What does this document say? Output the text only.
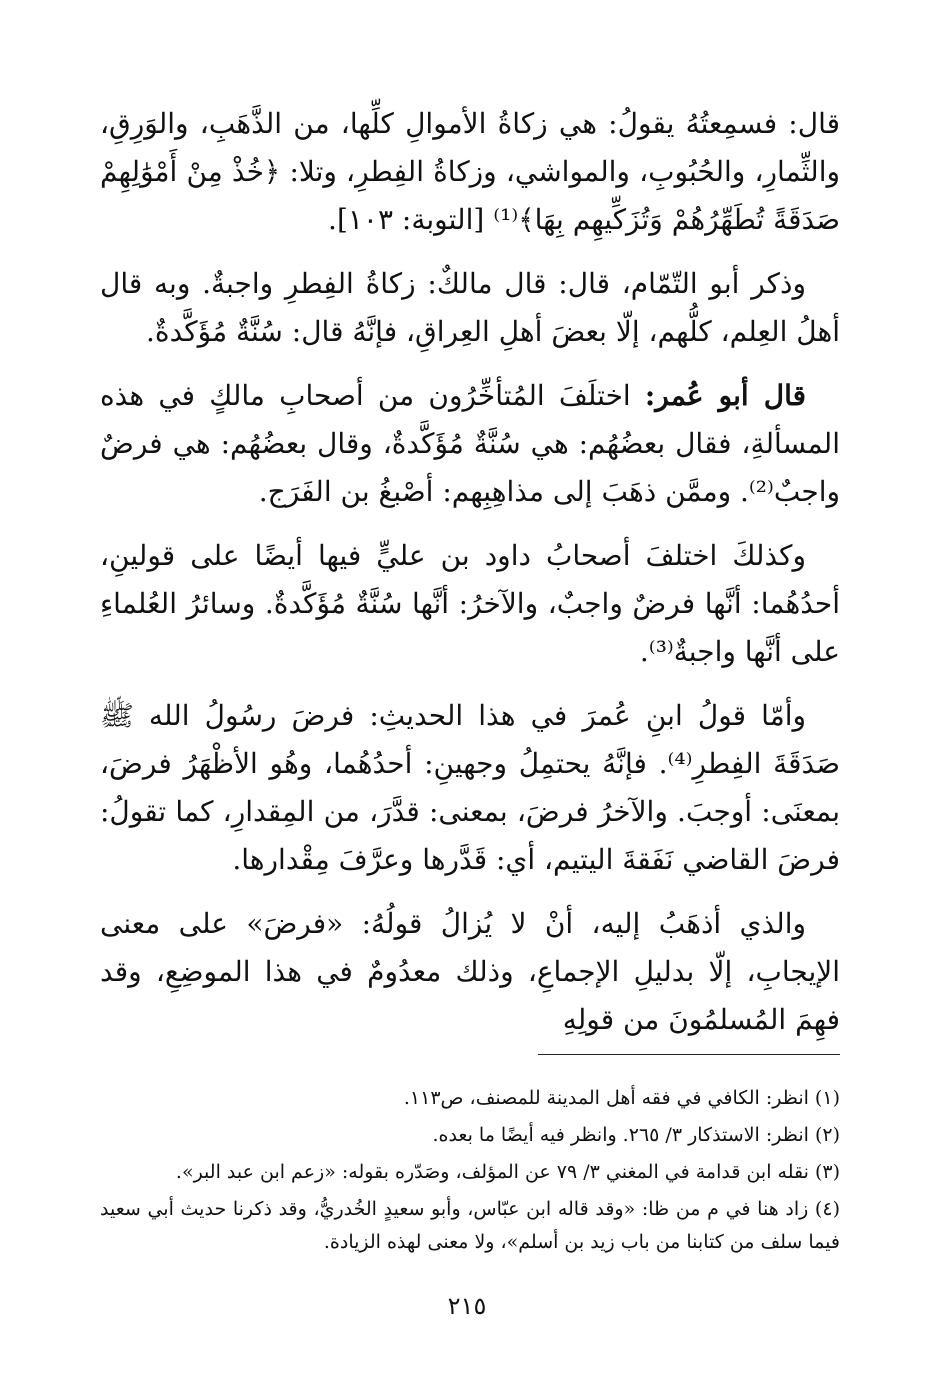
قال: فسمِعتُهُ يقولُ: هي زكاةُ الأموالِ كلِّها، من الذَّهَبِ، والوَرِقِ، والثِّمارِ، والحُبُوبِ، والمواشي، وزكاةُ الفِطرِ، وتلا: ﴿خُذْ مِنْ أَمْوَٰلِهِمْ صَدَقَةً تُطَهِّرُهُمْ وَتُزَكِّيهِم بِهَا﴾⁽¹⁾ [التوبة: ١٠٣].

وذكر أبو التّمّام، قال: قال مالكٌ: زكاةُ الفِطرِ واجبةٌ. وبه قال أهلُ العِلم، كلُّهم، إلّا بعضَ أهلِ العِراقِ، فإنَّهُ قال: سُنَّةٌ مُؤَكَّدةٌ.

قال أبو عُمر: اختلَفَ المُتأخِّرُون من أصحابِ مالكٍ في هذه المسألةِ، فقال بعضُهُم: هي سُنَّةٌ مُؤَكَّدةٌ، وقال بعضُهُم: هي فرضٌ واجبٌ⁽²⁾. وممَّن ذهَبَ إلى مذاهِبِهم: أصْبغُ بن الفَرَج.

وكذلكَ اختلفَ أصحابُ داود بن عليٍّ فيها أيضًا على قولينِ، أحدُهُما: أنَّها فرضٌ واجبٌ، والآخرُ: أنَّها سُنَّةٌ مُؤَكَّدةٌ. وسائرُ العُلماءِ على أنَّها واجبةٌ⁽³⁾.

وأمّا قولُ ابنِ عُمرَ في هذا الحديثِ: فرضَ رسُولُ الله ﷺ صَدَقَةَ الفِطرِ⁽⁴⁾. فإنَّهُ يحتمِلُ وجهينِ: أحدُهُما، وهُو الأظْهَرُ فرضَ، بمعنَى: أوجبَ. والآخرُ فرضَ، بمعنى: قدَّرَ، من المِقدارِ، كما تقولُ: فرضَ القاضي نَفَقةَ اليتيم، أي: قَدَّرها وعرَّفَ مِقْدارها.

والذي أذهَبُ إليه، أنْ لا يُزالُ قولُهُ: «فرضَ» على معنى الإيجابِ، إلّا بدليلِ الإجماعِ، وذلك معدُومٌ في هذا الموضِعِ، وقد فهِمَ المُسلمُونَ من قولِهِ

(١) انظر: الكافي في فقه أهل المدينة للمصنف، ص١١٣.

(٢) انظر: الاستذكار ٣/ ٢٦٥. وانظر فيه أيضًا ما بعده.

(٣) نقله ابن قدامة في المغني ٣/ ٧٩ عن المؤلف، وصَدّره بقوله: «زعم ابن عبد البر».

(٤) زاد هنا في م من ظا: «وقد قاله ابن عبّاس، وأبو سعيدٍ الخُدريُّ، وقد ذكرنا حديث أبي سعيد فيما سلف من كتابنا من باب زيد بن أسلم»، ولا معنى لهذه الزيادة.

٢١٥
